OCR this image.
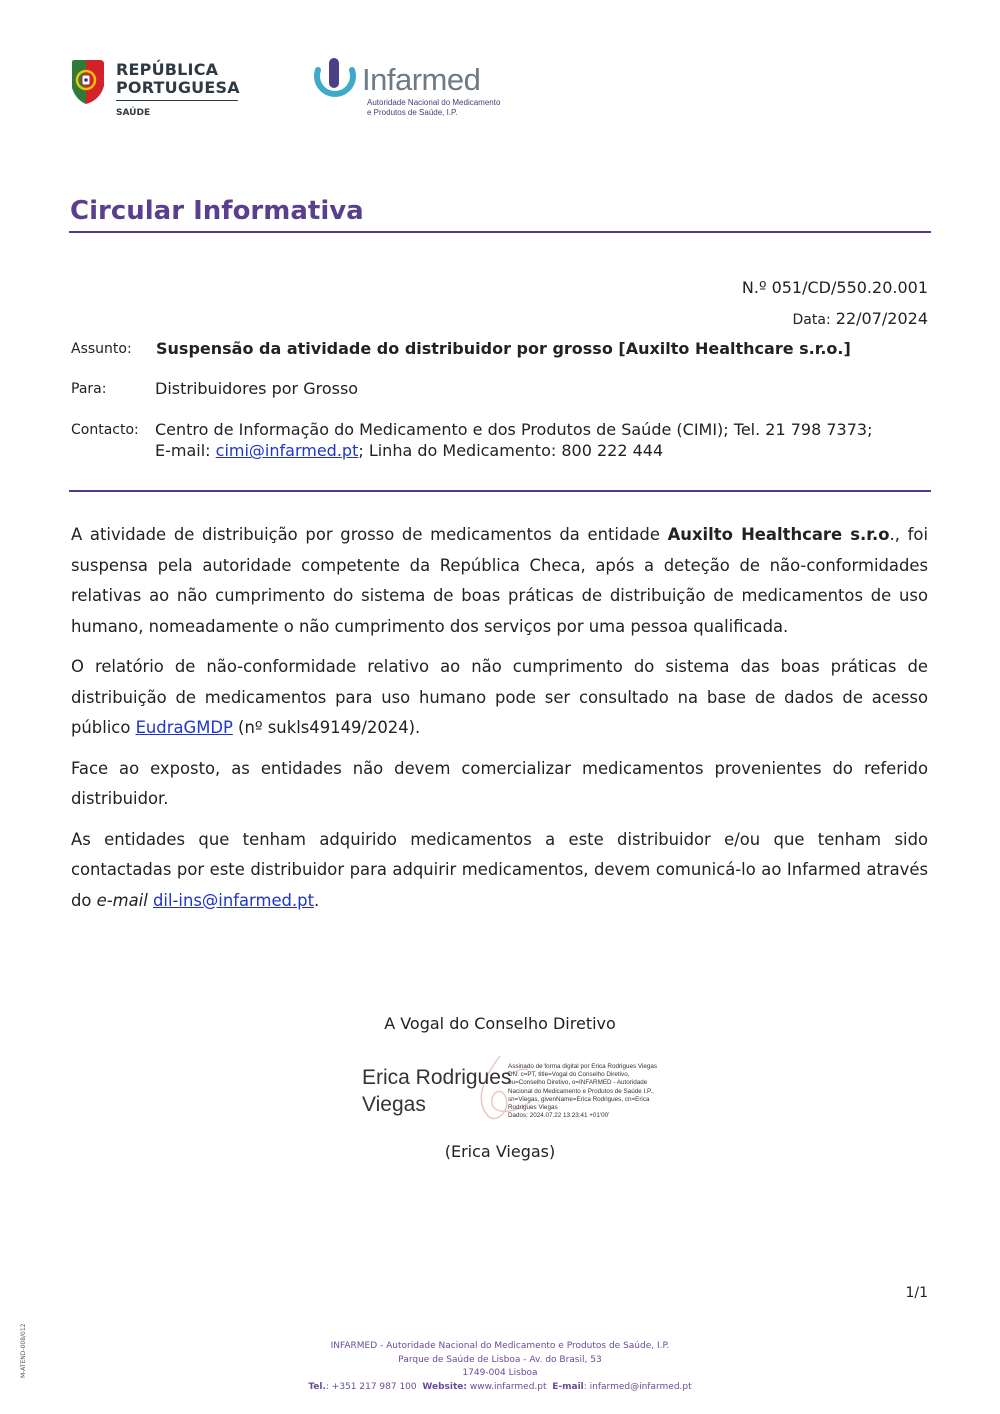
REPÚBLICA
PORTUGUESA
SAÚDE
Infarmed
Autoridade Nacional do Medicamento
e Produtos de Saúde, I.P.
Circular Informativa
N.º 051/CD/550.20.001
Data: 22/07/2024
Assunto: Suspensão da atividade do distribuidor por grosso [Auxilto Healthcare s.r.o.]
Para:	Distribuidores por Grosso
Contacto: Centro de Informação do Medicamento e dos Produtos de Saúde (CIMI); Tel. 21 798 7373;
E-mail: cimi@infarmed.pt; Linha do Medicamento: 800 222 444

A atividade de distribuição por grosso de medicamentos da entidade Auxilto Healthcare s.r.o., foi suspensa pela autoridade competente da República Checa, após a deteção de não-conformidades relativas ao não cumprimento do sistema de boas práticas de distribuição de medicamentos de uso humano, nomeadamente o não cumprimento dos serviços por uma pessoa qualificada.

O relatório de não-conformidade relativo ao não cumprimento do sistema das boas práticas de distribuição de medicamentos para uso humano pode ser consultado na base de dados de acesso público EudraGMDP (nº sukls49149/2024).

Face ao exposto, as entidades não devem comercializar medicamentos provenientes do referido distribuidor.

As entidades que tenham adquirido medicamentos a este distribuidor e/ou que tenham sido contactadas por este distribuidor para adquirir medicamentos, devem comunicá-lo ao Infarmed através do e-mail dil-ins@infarmed.pt.

A Vogal do Conselho Diretivo
Erica Rodrigues
Viegas
Assinado de forma digital por Erica Rodrigues Viegas
DN: c=PT, title=Vogal do Conselho Diretivo,
ou=Conselho Diretivo, o=INFARMED - Autoridade
Nacional do Medicamento e Produtos de Saúde I.P.,
sn=Viegas, givenName=Erica Rodrigues, cn=Erica
Rodrigues Viegas
Dados: 2024.07.22 13:23:41 +01'00'
(Erica Viegas)
1/1
M-ATEND-008/012	INFARMED - Autoridade Nacional do Medicamento e Produtos de Saúde, I.P.
Parque de Saúde de Lisboa - Av. do Brasil, 53
1749-004 Lisboa
Tel.: +351 217 987 100 Website: www.infarmed.pt E-mail: infarmed@infarmed.pt
